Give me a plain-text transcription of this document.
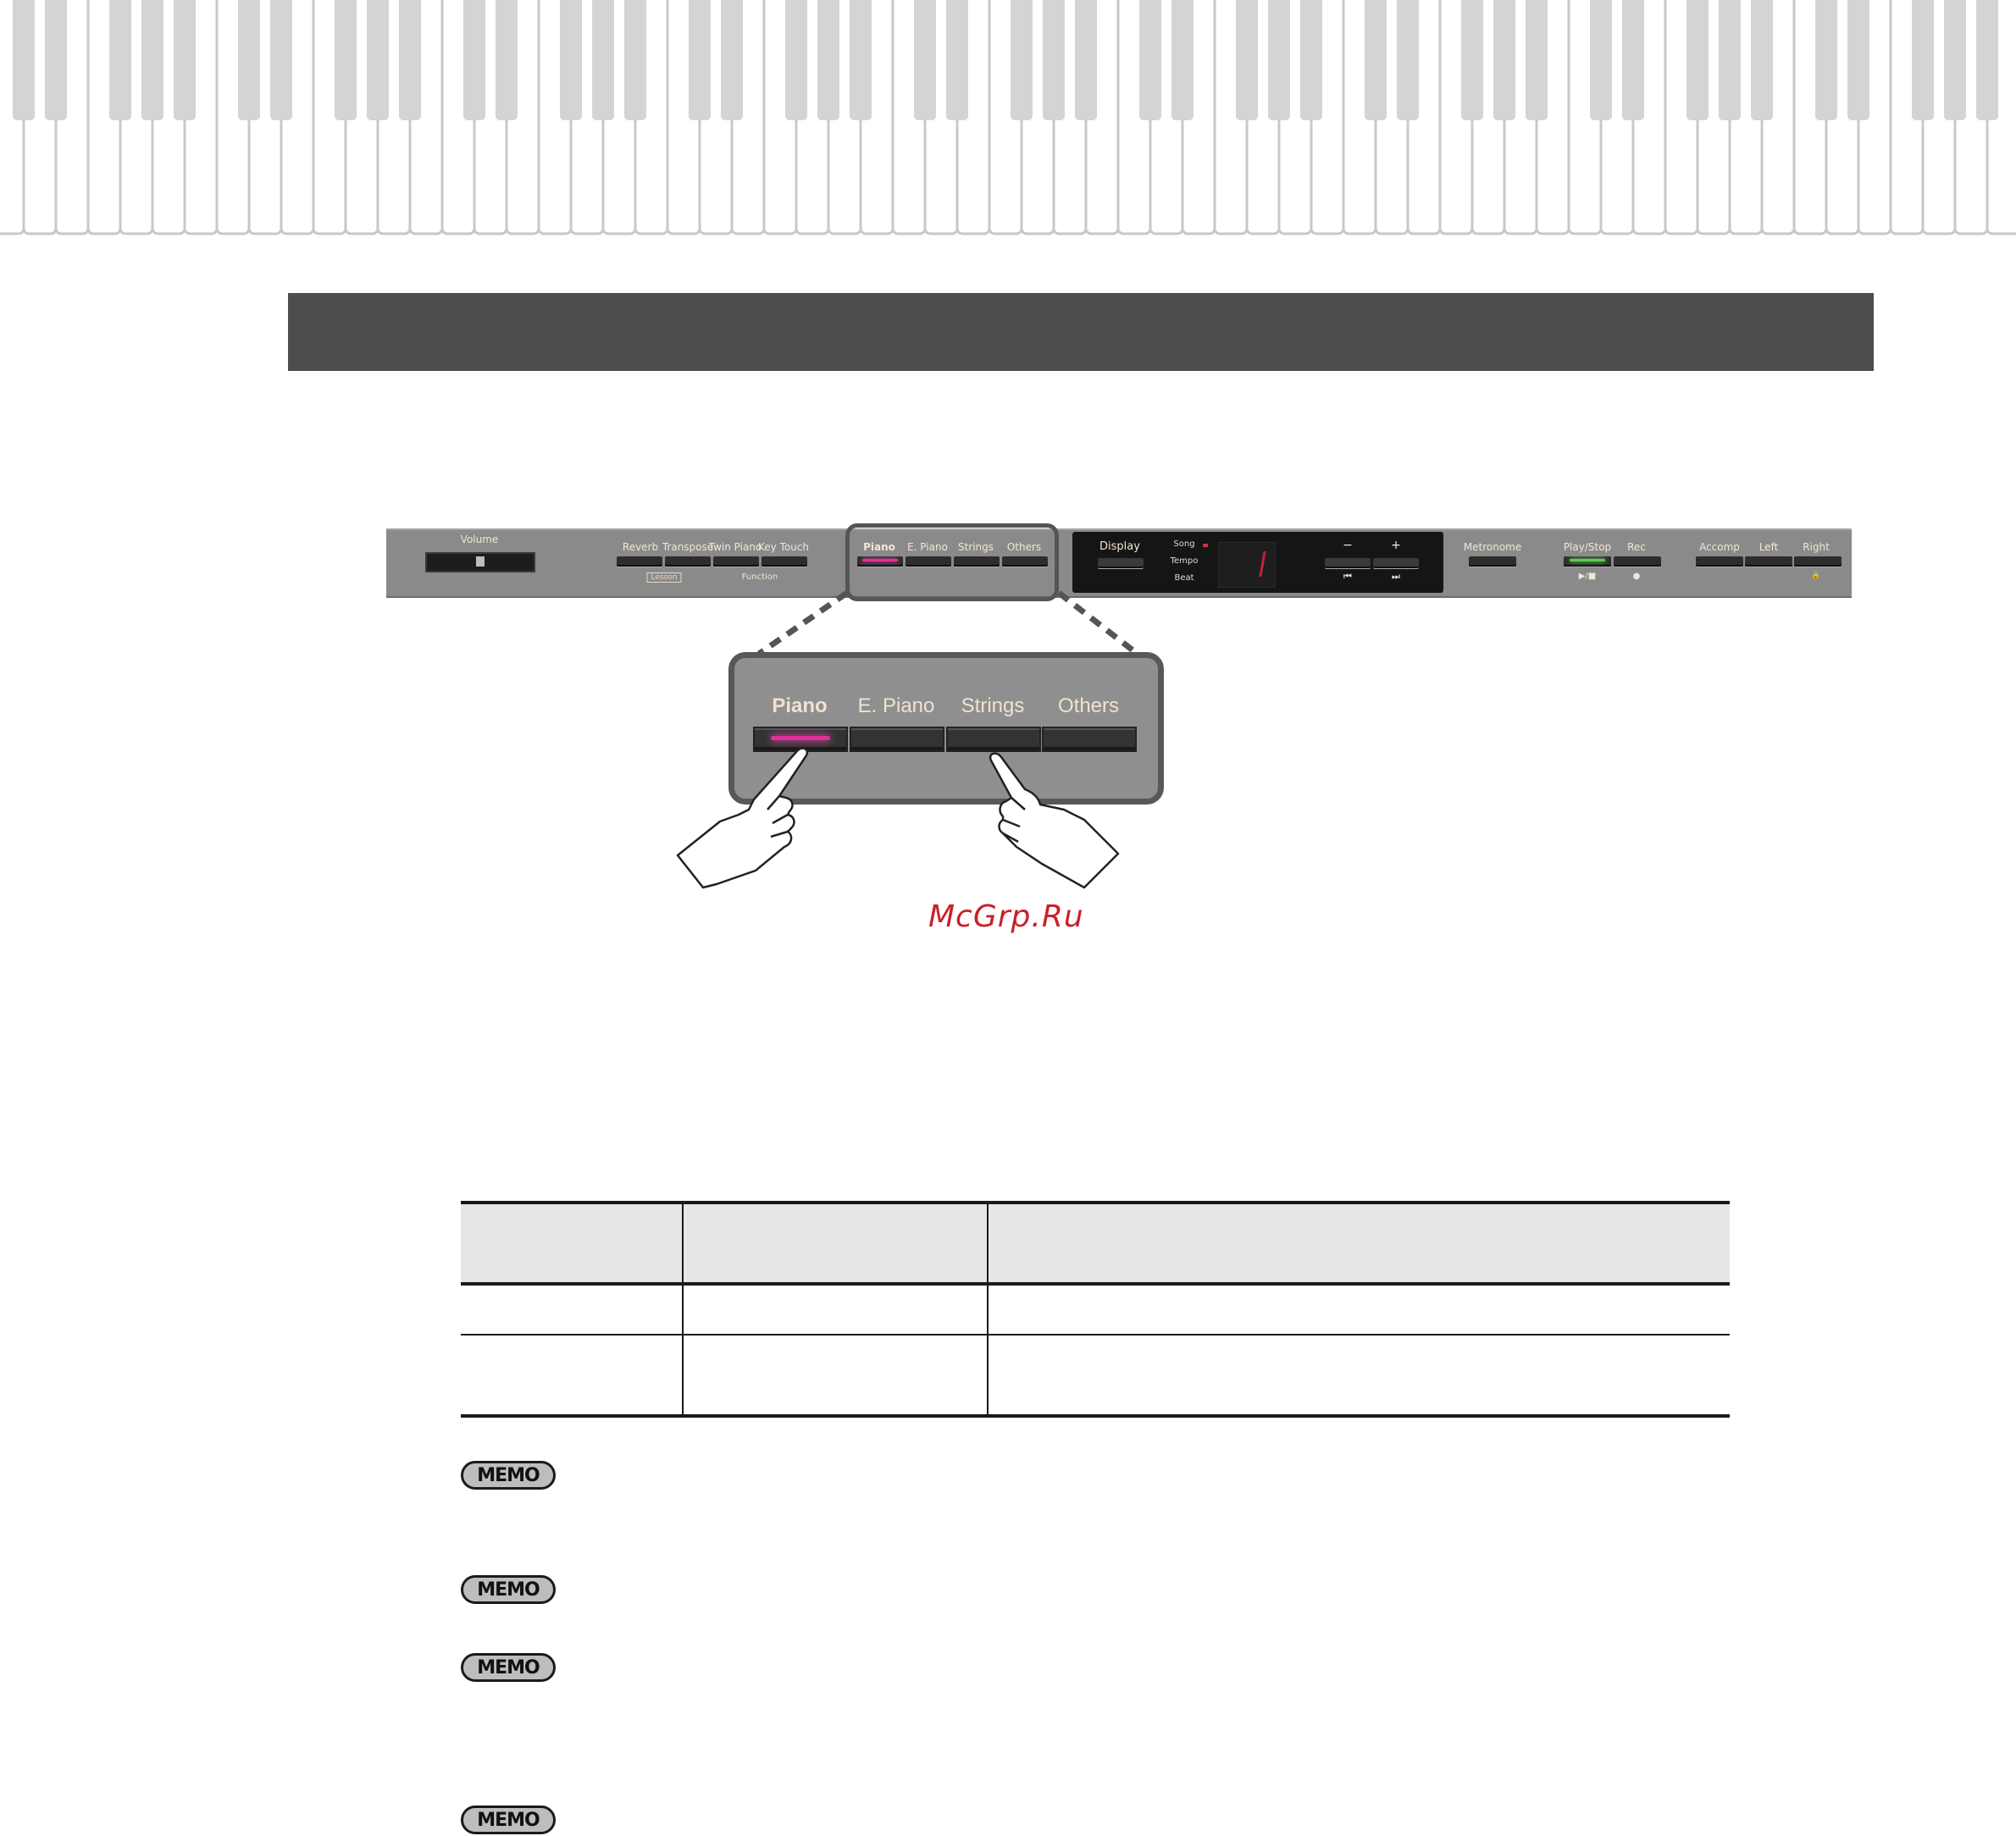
Volume
Reverb Transpose
Twin Piano
Key Touch
Lesson	Function
Piano E. Piano Strings Others	Display	Song
Tempo
Beat
−	+
⏮	⏭
Metronome	Play/Stop Rec
▶/■	●
Accomp Left Right
🔒
Piano E. Piano Strings Others
McGrp.Ru
MEMO
MEMO
MEMO
MEMO
